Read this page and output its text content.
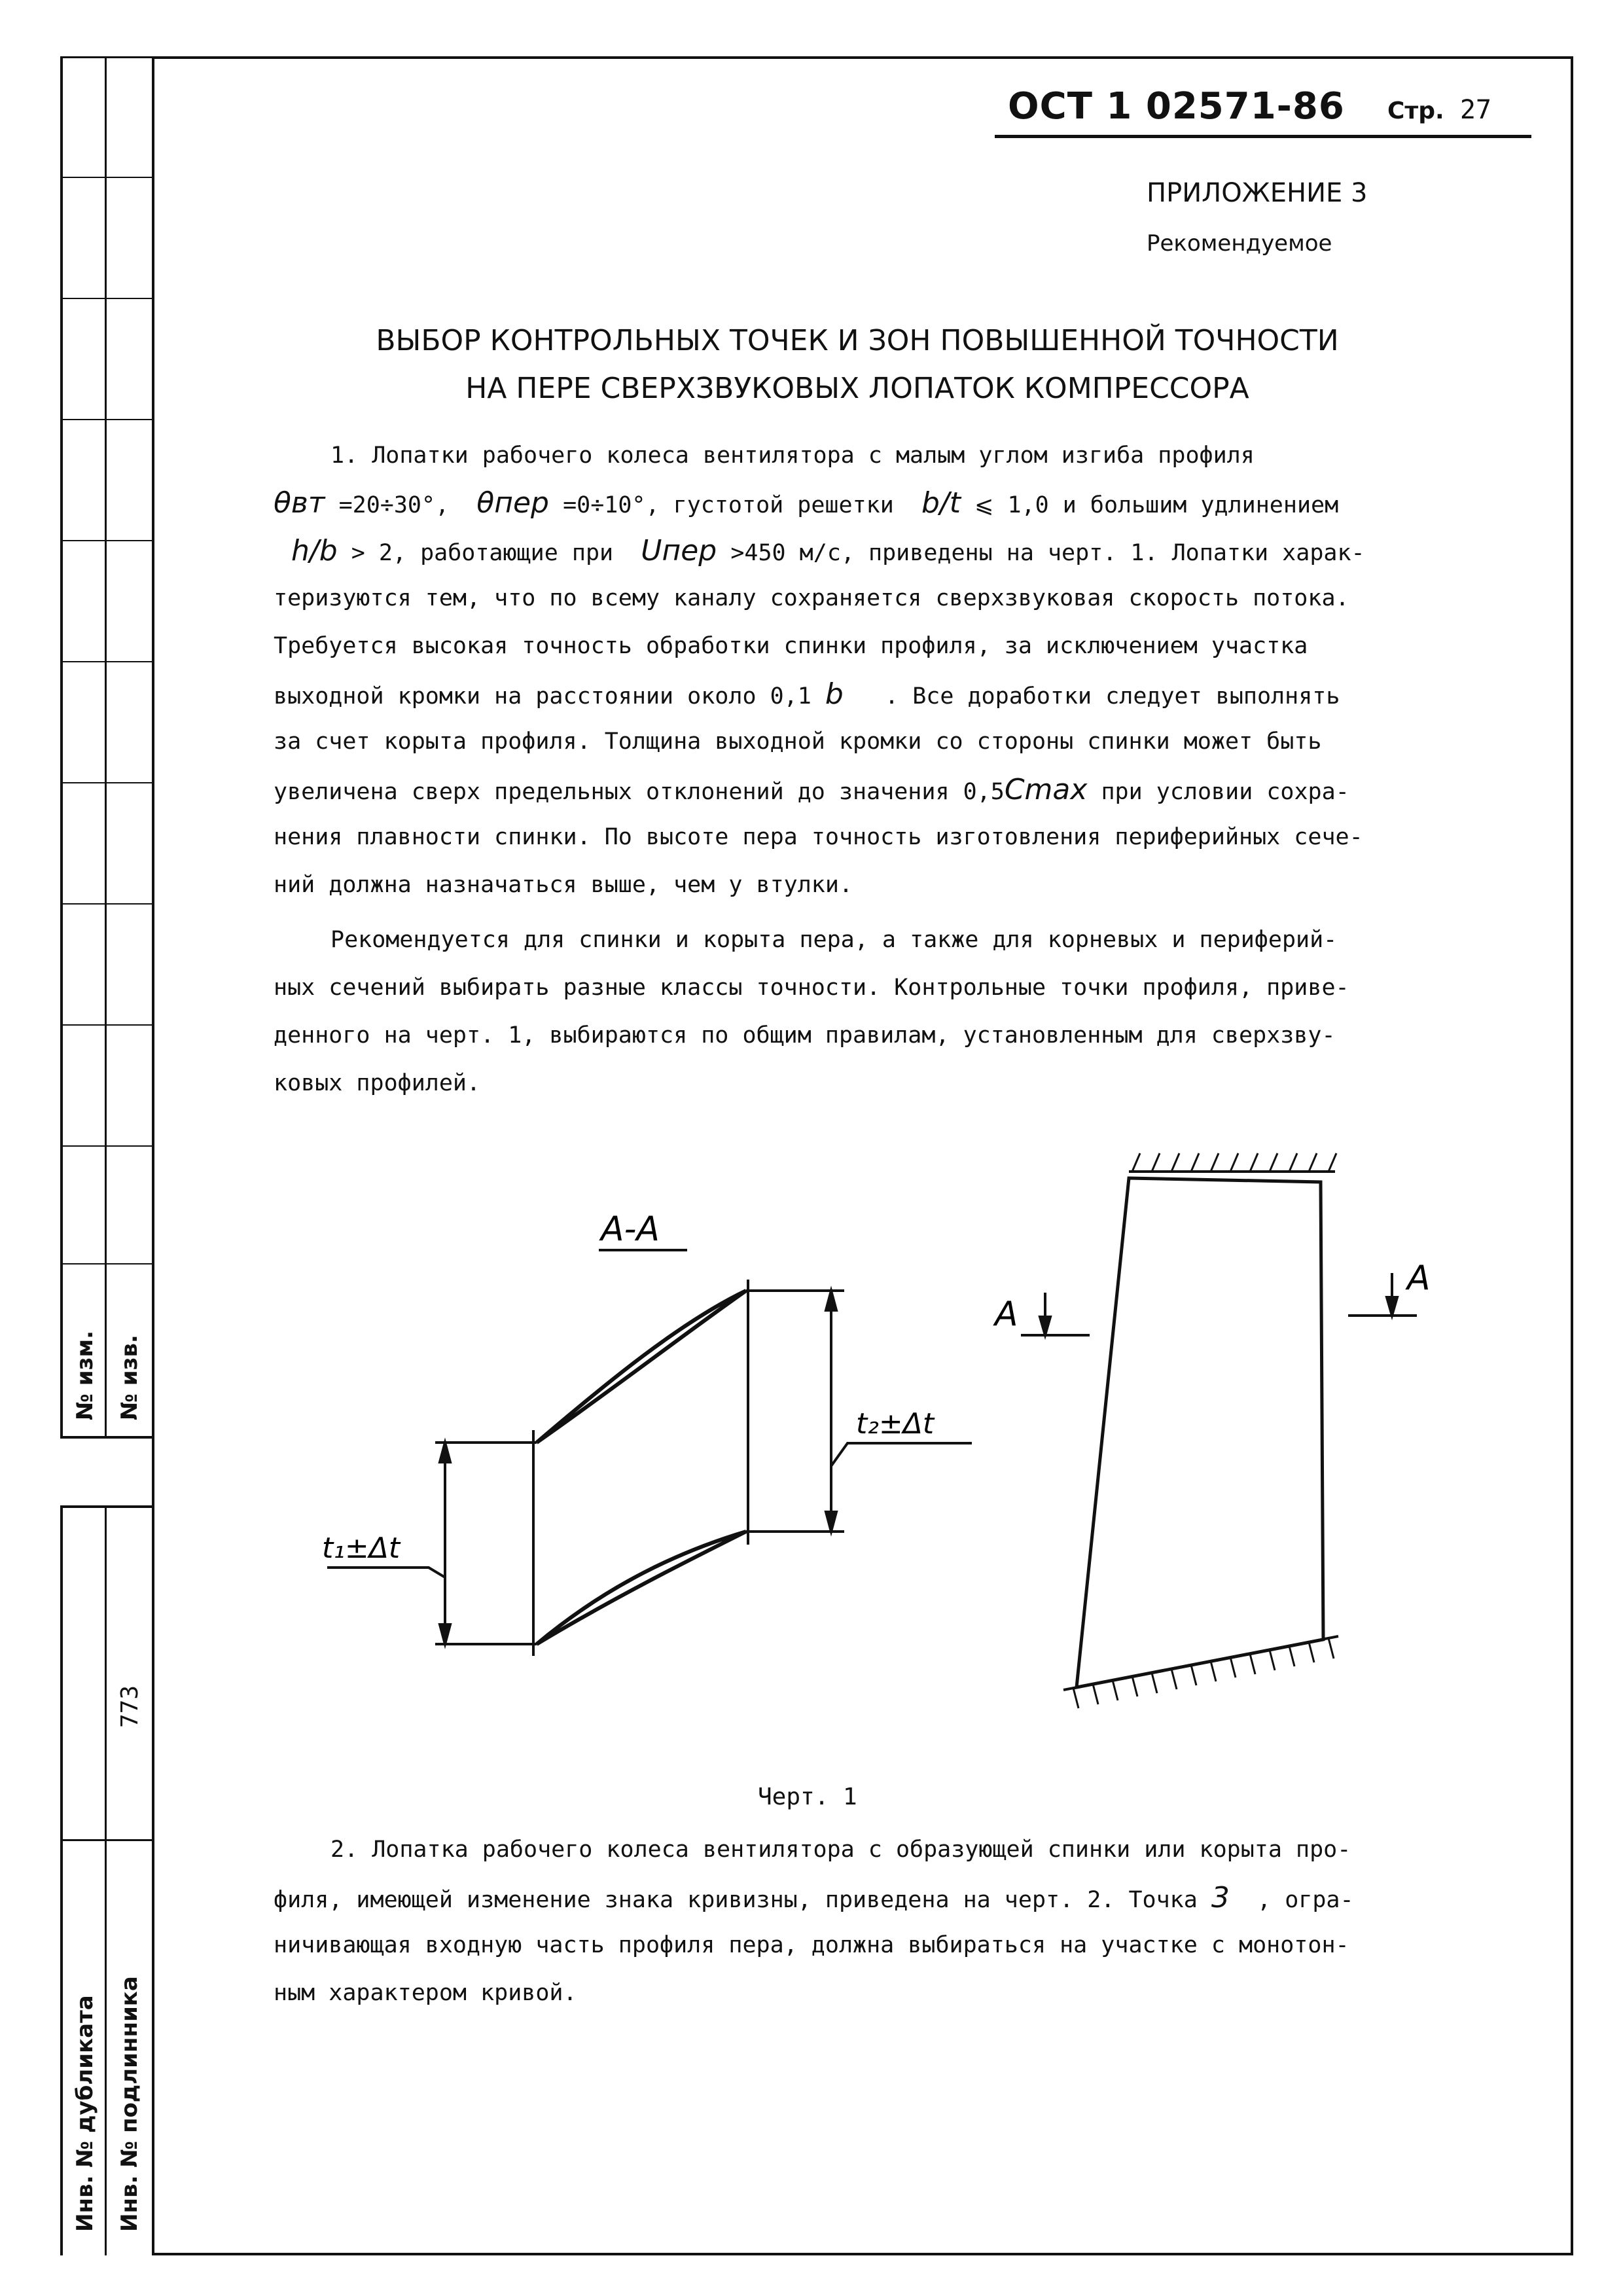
№ изм. № изв.
773
Инв. № дубликата Инв. № подлинника
ОСТ 1 02571-86 Стр. 27
ПРИЛОЖЕНИЕ 3
Рекомендуемое
ВЫБОР КОНТРОЛЬНЫХ ТОЧЕК И ЗОН ПОВЫШЕННОЙ ТОЧНОСТИ
НА ПЕРЕ СВЕРХЗВУКОВЫХ ЛОПАТОК КОМПРЕССОРА
1. Лопатки рабочего колеса вентилятора с малым углом изгиба профиля
θвт =20÷30°, θпер =0÷10°, густотой решетки b/t ⩽ 1,0 и большим удлинением
h/b > 2, работающие при Uпер >450 м/с, приведены на черт. 1. Лопатки харак-
теризуются тем, что по всему каналу сохраняется сверхзвуковая скорость потока.
Требуется высокая точность обработки спинки профиля, за исключением участка
выходной кромки на расстоянии около 0,1 b . Все доработки следует выполнять
за счет корыта профиля. Толщина выходной кромки со стороны спинки может быть
увеличена сверх предельных отклонений до значения 0,5Cmax при условии сохра-
нения плавности спинки. По высоте пера точность изготовления периферийных сече-
ний должна назначаться выше, чем у втулки.
Рекомендуется для спинки и корыта пера, а также для корневых и периферий-
ных сечений выбирать разные классы точности. Контрольные точки профиля, приве-
денного на черт. 1, выбираются по общим правилам, установленным для сверхзву-
ковых профилей.
A-A
t₁±Δt
t₂±Δt
A
A
Черт. 1
2. Лопатка рабочего колеса вентилятора с образующей спинки или корыта про-
филя, имеющей изменение знака кривизны, приведена на черт. 2. Точка 3 , огра-
ничивающая входную часть профиля пера, должна выбираться на участке с монотон-
ным характером кривой.
